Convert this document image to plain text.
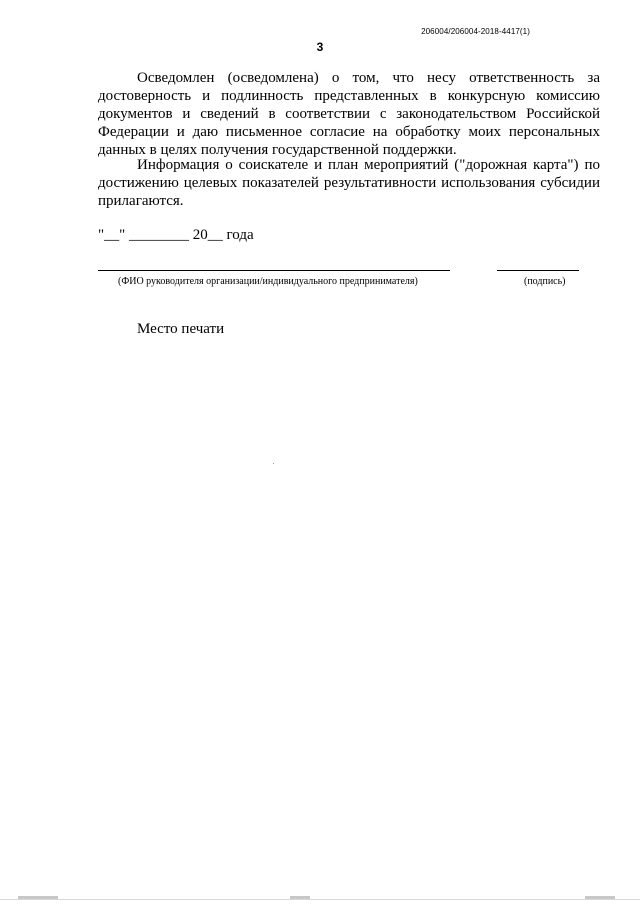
206004/206004-2018-4417(1)
3
Осведомлен (осведомлена) о том, что несу ответственность за достоверность и подлинность представленных в конкурсную комиссию документов и сведений в соответствии с законодательством Российской Федерации и даю письменное согласие на обработку моих персональных данных в целях получения государственной поддержки.
Информация о соискателе и план мероприятий ("дорожная карта") по достижению целевых показателей результативности использования субсидии прилагаются.
"__" ________ 20__ года
(ФИО руководителя организации/индивидуального предпринимателя)	(подпись)
Место печати
